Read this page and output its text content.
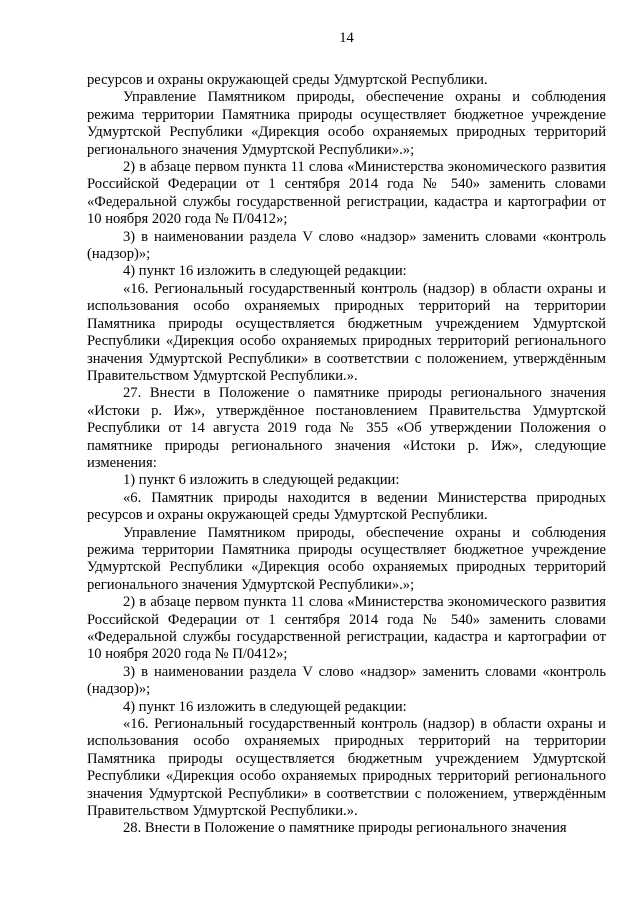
14

ресурсов и охраны окружающей среды Удмуртской Республики.

Управление Памятником природы, обеспечение охраны и соблюдения режима территории Памятника природы осуществляет бюджетное учреждение Удмуртской Республики «Дирекция особо охраняемых природных территорий регионального значения Удмуртской Республики».»;

2) в абзаце первом пункта 11 слова «Министерства экономического развития Российской Федерации от 1 сентября 2014 года № 540» заменить словами «Федеральной службы государственной регистрации, кадастра и картографии от 10 ноября 2020 года № П/0412»;

3) в наименовании раздела V слово «надзор» заменить словами «контроль (надзор)»;

4) пункт 16 изложить в следующей редакции:

«16. Региональный государственный контроль (надзор) в области охраны и использования особо охраняемых природных территорий на территории Памятника природы осуществляется бюджетным учреждением Удмуртской Республики «Дирекция особо охраняемых природных территорий регионального значения Удмуртской Республики» в соответствии с положением, утверждённым Правительством Удмуртской Республики.».

27. Внести в Положение о памятнике природы регионального значения «Истоки р. Иж», утверждённое постановлением Правительства Удмуртской Республики от 14 августа 2019 года № 355 «Об утверждении Положения о памятнике природы регионального значения «Истоки р. Иж», следующие изменения:

1) пункт 6 изложить в следующей редакции:

«6. Памятник природы находится в ведении Министерства природных ресурсов и охраны окружающей среды Удмуртской Республики.

Управление Памятником природы, обеспечение охраны и соблюдения режима территории Памятника природы осуществляет бюджетное учреждение Удмуртской Республики «Дирекция особо охраняемых природных территорий регионального значения Удмуртской Республики».»;

2) в абзаце первом пункта 11 слова «Министерства экономического развития Российской Федерации от 1 сентября 2014 года № 540» заменить словами «Федеральной службы государственной регистрации, кадастра и картографии от 10 ноября 2020 года № П/0412»;

3) в наименовании раздела V слово «надзор» заменить словами «контроль (надзор)»;

4) пункт 16 изложить в следующей редакции:

«16. Региональный государственный контроль (надзор) в области охраны и использования особо охраняемых природных территорий на территории Памятника природы осуществляется бюджетным учреждением Удмуртской Республики «Дирекция особо охраняемых природных территорий регионального значения Удмуртской Республики» в соответствии с положением, утверждённым Правительством Удмуртской Республики.».

28. Внести в Положение о памятнике природы регионального значения
